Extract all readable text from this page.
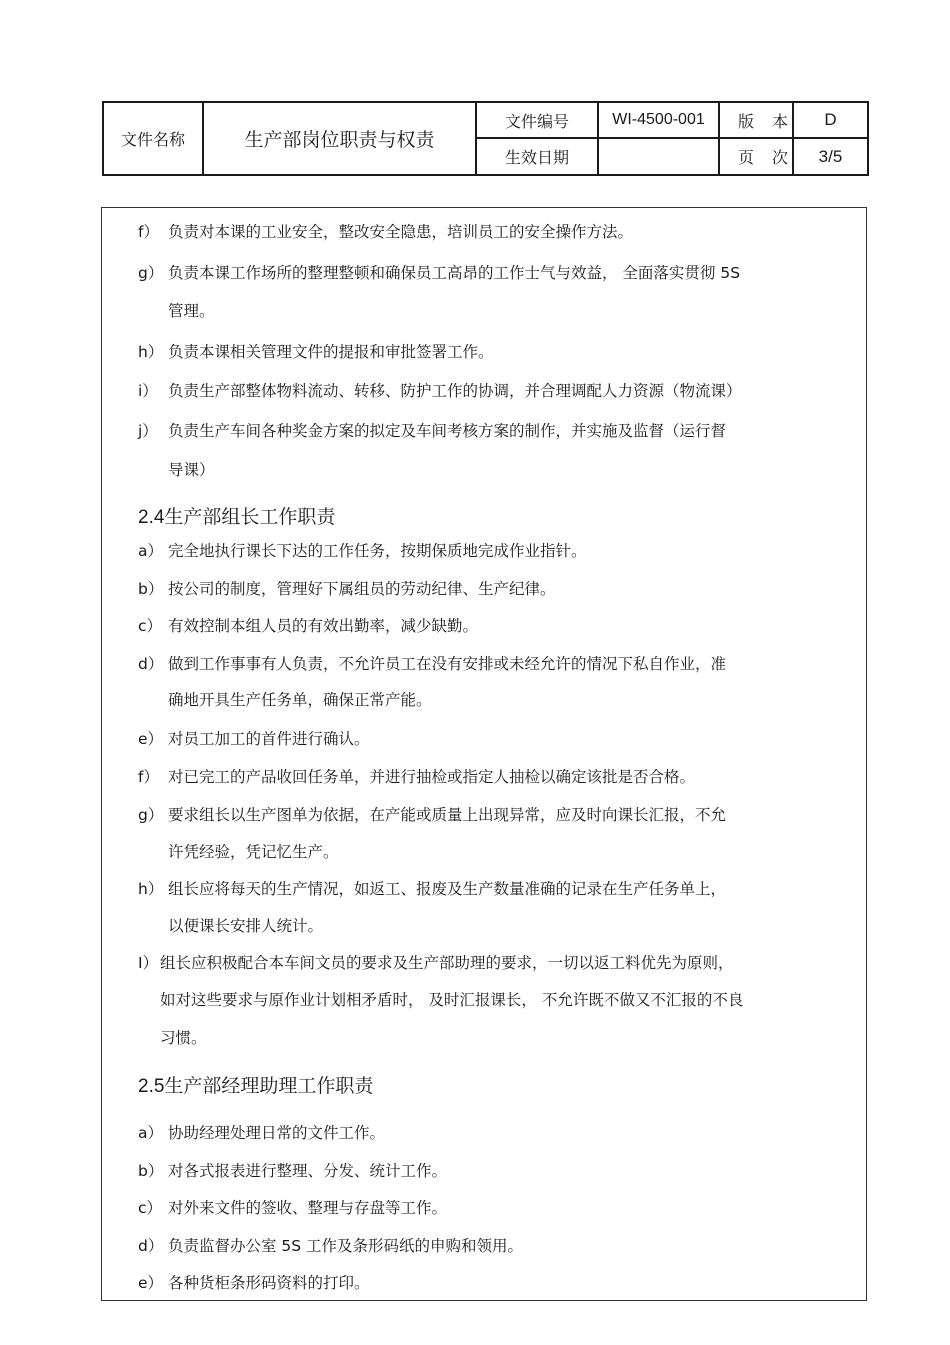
文件名称	生产部岗位职责与权责	文件编号	WI-4500-001	版本	D
		生效日期		页次	3/5
f） 负责对本课的工业安全，整改安全隐患，培训员工的安全操作方法。
g） 负责本课工作场所的整理整顿和确保员工高昂的工作士气与效益， 全面落实贯彻 5S
管理。
h） 负责本课相关管理文件的提报和审批签署工作。
i） 负责生产部整体物料流动、转移、防护工作的协调，并合理调配人力资源（物流课）
j） 负责生产车间各种奖金方案的拟定及车间考核方案的制作，并实施及监督（运行督
导课）
2.4生产部组长工作职责
a） 完全地执行课长下达的工作任务，按期保质地完成作业指针。
b） 按公司的制度，管理好下属组员的劳动纪律、生产纪律。
c） 有效控制本组人员的有效出勤率，减少缺勤。
d） 做到工作事事有人负责，不允许员工在没有安排或未经允许的情况下私自作业，准
确地开具生产任务单，确保正常产能。
e） 对员工加工的首件进行确认。
f） 对已完工的产品收回任务单，并进行抽检或指定人抽检以确定该批是否合格。
g） 要求组长以生产图单为依据，在产能或质量上出现异常，应及时向课长汇报，不允
许凭经验，凭记忆生产。
h） 组长应将每天的生产情况，如返工、报废及生产数量准确的记录在生产任务单上，
以便课长安排人统计。
I） 组长应积极配合本车间文员的要求及生产部助理的要求，一切以返工料优先为原则，
如对这些要求与原作业计划相矛盾时， 及时汇报课长， 不允许既不做又不汇报的不良
习惯。
2.5生产部经理助理工作职责
a） 协助经理处理日常的文件工作。
b） 对各式报表进行整理、分发、统计工作。
c） 对外来文件的签收、整理与存盘等工作。
d） 负责监督办公室 5S 工作及条形码纸的申购和领用。
e） 各种货柜条形码资料的打印。
